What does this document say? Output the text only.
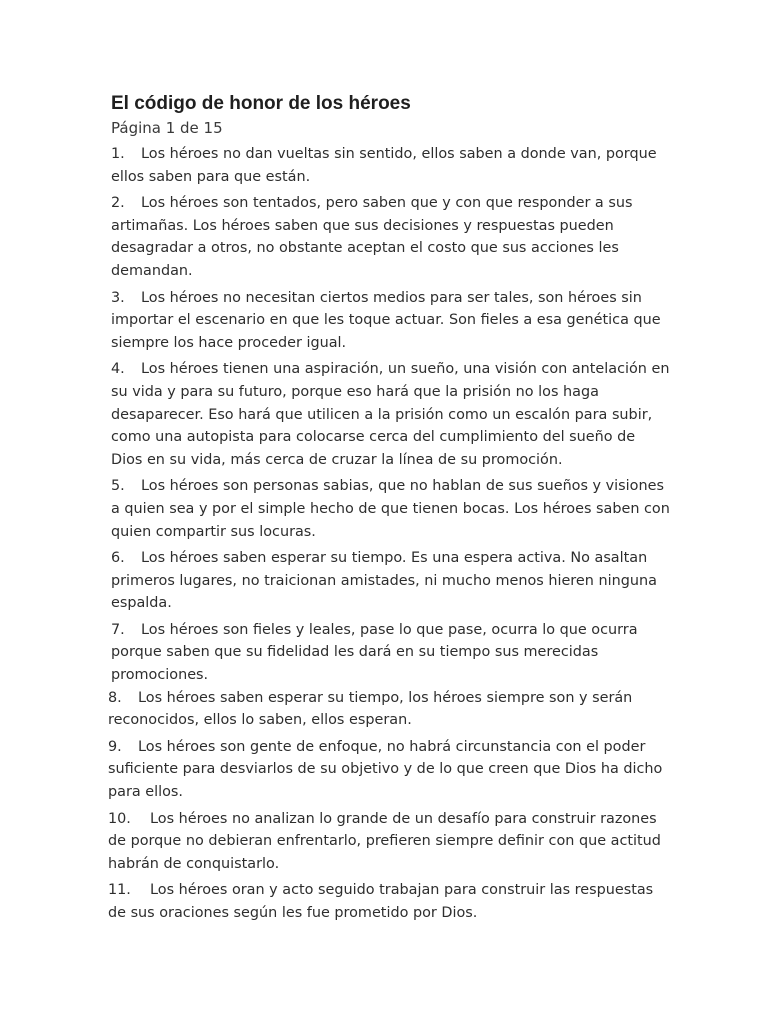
El código de honor de los héroes
Página 1 de 15
1. Los héroes no dan vueltas sin sentido, ellos saben a donde van, porque ellos saben para que están.
2. Los héroes son tentados, pero saben que y con que responder a sus artimañas. Los héroes saben que sus decisiones y respuestas pueden desagradar a otros, no obstante aceptan el costo que sus acciones les demandan.
3. Los héroes no necesitan ciertos medios para ser tales, son héroes sin importar el escenario en que les toque actuar. Son fieles a esa genética que siempre los hace proceder igual.
4. Los héroes tienen una aspiración, un sueño, una visión con antelación en su vida y para su futuro, porque eso hará que la prisión no los haga desaparecer. Eso hará que utilicen a la prisión como un escalón para subir, como una autopista para colocarse cerca del cumplimiento del sueño de Dios en su vida, más cerca de cruzar la línea de su promoción.
5. Los héroes son personas sabias, que no hablan de sus sueños y visiones a quien sea y por el simple hecho de que tienen bocas. Los héroes saben con quien compartir sus locuras.
6. Los héroes saben esperar su tiempo. Es una espera activa. No asaltan primeros lugares, no traicionan amistades, ni mucho menos hieren ninguna espalda.
7. Los héroes son fieles y leales, pase lo que pase, ocurra lo que ocurra porque saben que su fidelidad les dará en su tiempo sus merecidas promociones.
8. Los héroes saben esperar su tiempo, los héroes siempre son y serán reconocidos, ellos lo saben, ellos esperan.
9. Los héroes son gente de enfoque, no habrá circunstancia con el poder suficiente para desviarlos de su objetivo y de lo que creen que Dios ha dicho para ellos.
10. Los héroes no analizan lo grande de un desafío para construir razones de porque no debieran enfrentarlo, prefieren siempre definir con que actitud habrán de conquistarlo.
11. Los héroes oran y acto seguido trabajan para construir las respuestas de sus oraciones según les fue prometido por Dios.
